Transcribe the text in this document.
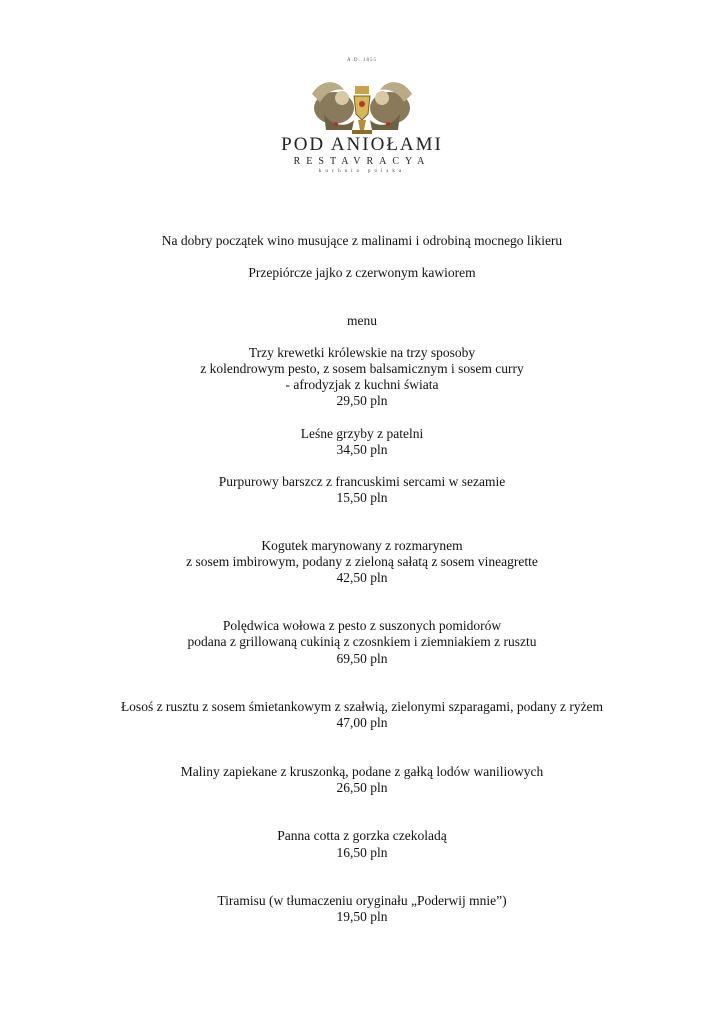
A.D. 1855
POD ANIOŁAMI
RESTAVRACYA
kuchnia polska
Na dobry początek wino musujące z malinami i odrobiną mocnego likieru
Przepiórcze jajko z czerwonym kawiorem
menu
Trzy krewetki królewskie na trzy sposoby
z kolendrowym pesto, z sosem balsamicznym i sosem curry
- afrodyzjak z kuchni świata
29,50 pln
Leśne grzyby z patelni
34,50 pln
Purpurowy barszcz z francuskimi sercami w sezamie
15,50 pln
Kogutek marynowany z rozmarynem
z sosem imbirowym, podany z zieloną sałatą z sosem vineagrette
42,50 pln
Polędwica wołowa z pesto z suszonych pomidorów
podana z grillowaną cukinią z czosnkiem i ziemniakiem z rusztu
69,50 pln
Łosoś z rusztu z sosem śmietankowym z szałwią, zielonymi szparagami, podany z ryżem
47,00 pln
Maliny zapiekane z kruszonką, podane z gałką lodów waniliowych
26,50 pln
Panna cotta z gorzka czekoladą
16,50 pln
Tiramisu (w tłumaczeniu oryginału „Poderwij mnie”)
19,50 pln
